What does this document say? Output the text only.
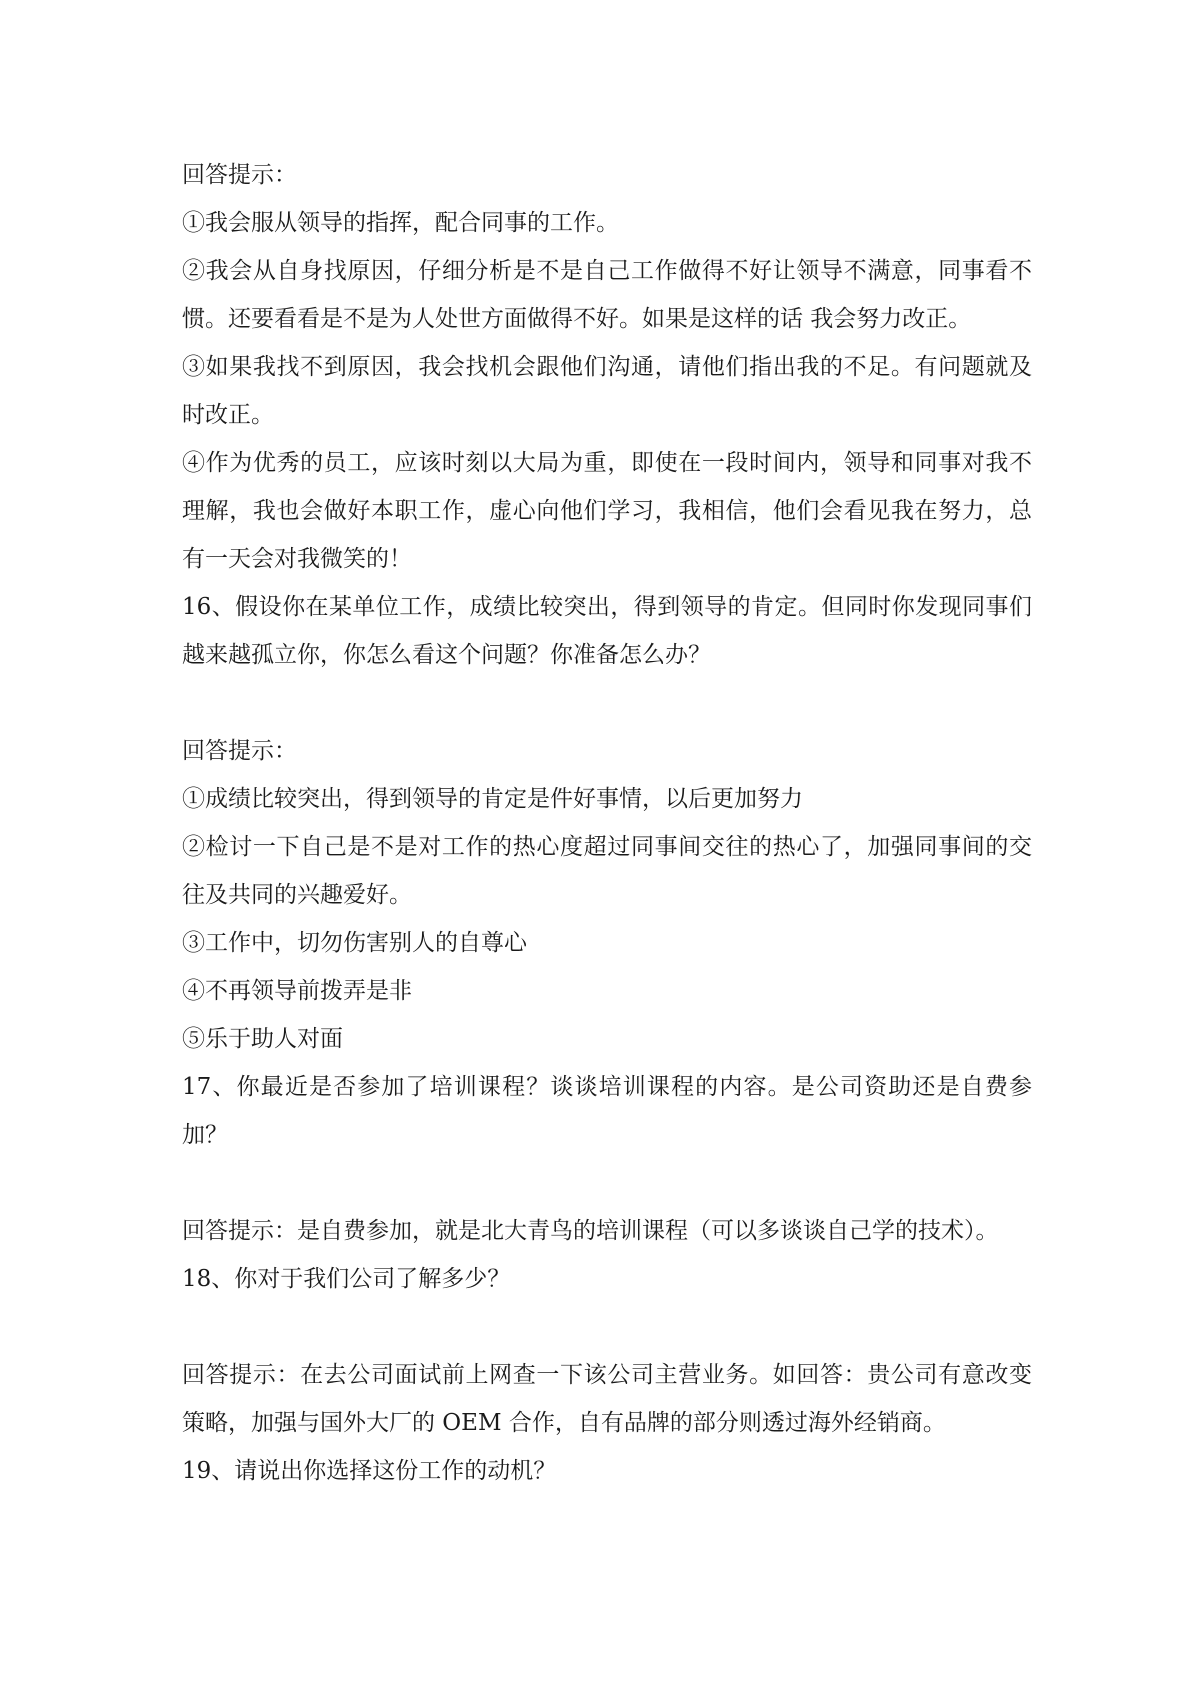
回答提示：

①我会服从领导的指挥，配合同事的工作。

②我会从自身找原因，仔细分析是不是自己工作做得不好让领导不满意，同事看不惯。还要看看是不是为人处世方面做得不好。如果是这样的话 我会努力改正。

③如果我找不到原因，我会找机会跟他们沟通，请他们指出我的不足。有问题就及时改正。

④作为优秀的员工，应该时刻以大局为重，即使在一段时间内，领导和同事对我不理解，我也会做好本职工作，虚心向他们学习，我相信，他们会看见我在努力，总有一天会对我微笑的！

16、假设你在某单位工作，成绩比较突出，得到领导的肯定。但同时你发现同事们越来越孤立你，你怎么看这个问题？你准备怎么办？

回答提示：

①成绩比较突出，得到领导的肯定是件好事情，以后更加努力

②检讨一下自己是不是对工作的热心度超过同事间交往的热心了，加强同事间的交往及共同的兴趣爱好。

③工作中，切勿伤害别人的自尊心

④不再领导前拨弄是非

⑤乐于助人对面

17、你最近是否参加了培训课程？谈谈培训课程的内容。是公司资助还是自费参加？

回答提示：是自费参加，就是北大青鸟的培训课程（可以多谈谈自己学的技术）。

18、你对于我们公司了解多少？

回答提示：在去公司面试前上网查一下该公司主营业务。如回答：贵公司有意改变策略，加强与国外大厂的 OEM 合作，自有品牌的部分则透过海外经销商。

19、请说出你选择这份工作的动机？
